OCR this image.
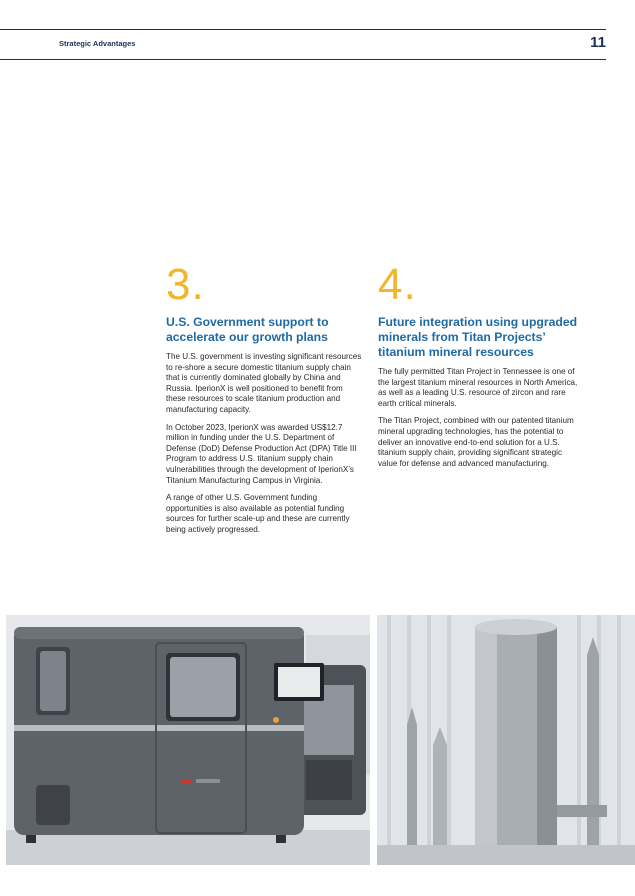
Strategic Advantages	11
3.
U.S. Government support to accelerate our growth plans

The U.S. government is investing significant resources to re-shore a secure domestic titanium supply chain that is currently dominated globally by China and Russia. IperionX is well positioned to benefit from these resources to scale titanium production and manufacturing capacity.

In October 2023, IperionX was awarded US$12.7 million in funding under the U.S. Department of Defense (DoD) Defense Production Act (DPA) Title III Program to address U.S. titanium supply chain vulnerabilities through the development of IperionX’s Titanium Manufacturing Campus in Virginia.

A range of other U.S. Government funding opportunities is also available as potential funding sources for further scale-up and these are currently being actively progressed.

4.
Future integration using upgraded minerals from Titan Projects’ titanium mineral resources

The fully permitted Titan Project in Tennessee is one of the largest titanium mineral resources in North America, as well as a leading U.S. resource of zircon and rare earth critical minerals.

The Titan Project, combined with our patented titanium mineral upgrading technologies, has the potential to deliver an innovative end-to-end solution for a U.S. titanium supply chain, providing significant strategic value for defense and advanced manufacturing.
